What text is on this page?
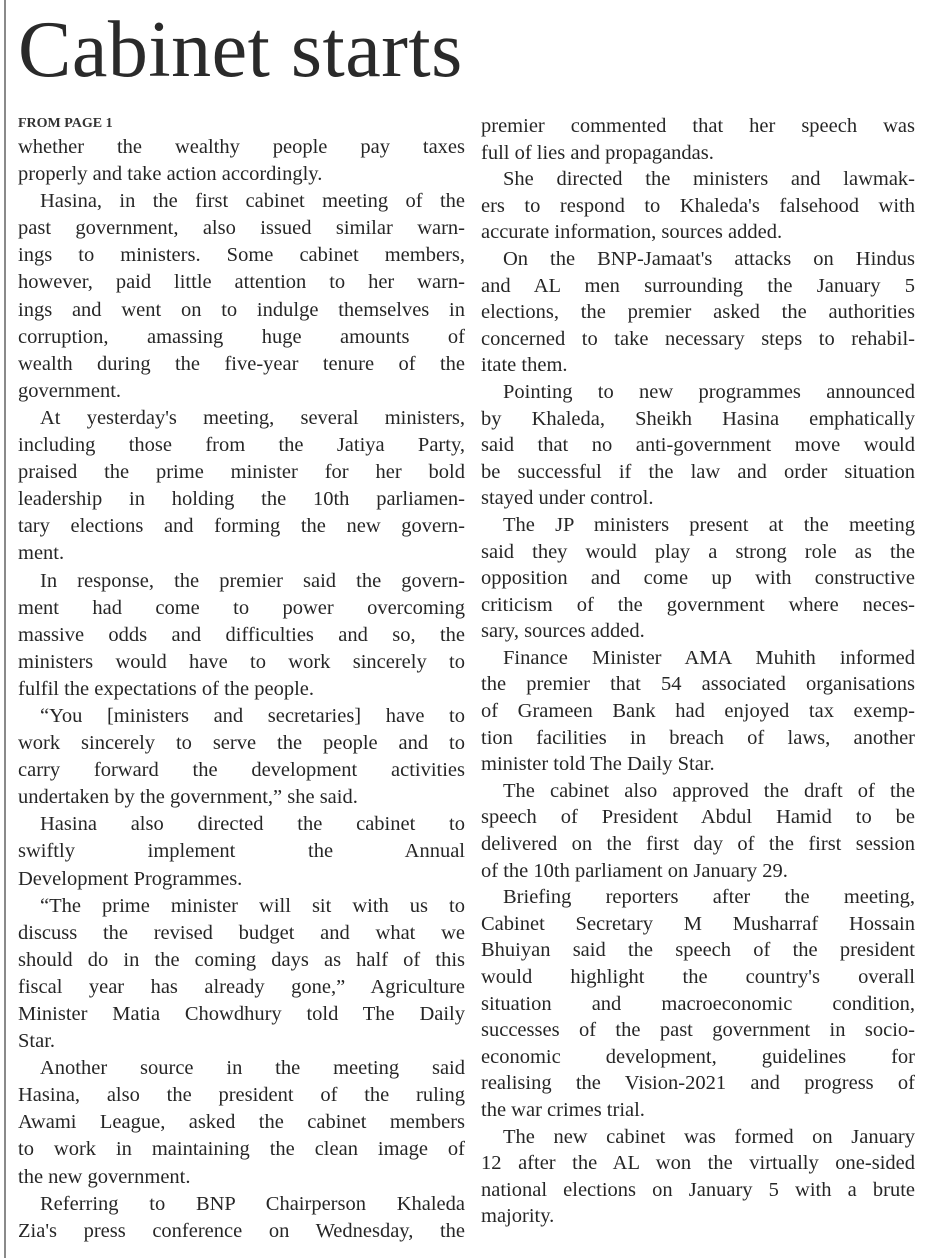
Cabinet starts
FROM PAGE 1
whether the wealthy people pay taxes
properly and take action accordingly.
Hasina, in the first cabinet meeting of the
past government, also issued similar warn-
ings to ministers. Some cabinet members,
however, paid little attention to her warn-
ings and went on to indulge themselves in
corruption, amassing huge amounts of
wealth during the five-year tenure of the
government.
At yesterday's meeting, several ministers,
including those from the Jatiya Party,
praised the prime minister for her bold
leadership in holding the 10th parliamen-
tary elections and forming the new govern-
ment.
In response, the premier said the govern-
ment had come to power overcoming
massive odds and difficulties and so, the
ministers would have to work sincerely to
fulfil the expectations of the people.
“You [ministers and secretaries] have to
work sincerely to serve the people and to
carry forward the development activities
undertaken by the government,” she said.
Hasina also directed the cabinet to
swiftly implement the Annual
Development Programmes.
“The prime minister will sit with us to
discuss the revised budget and what we
should do in the coming days as half of this
fiscal year has already gone,” Agriculture
Minister Matia Chowdhury told The Daily
Star.
Another source in the meeting said
Hasina, also the president of the ruling
Awami League, asked the cabinet members
to work in maintaining the clean image of
the new government.
Referring to BNP Chairperson Khaleda
Zia's press conference on Wednesday, the
premier commented that her speech was
full of lies and propagandas.
She directed the ministers and lawmak-
ers to respond to Khaleda's falsehood with
accurate information, sources added.
On the BNP-Jamaat's attacks on Hindus
and AL men surrounding the January 5
elections, the premier asked the authorities
concerned to take necessary steps to rehabil-
itate them.
Pointing to new programmes announced
by Khaleda, Sheikh Hasina emphatically
said that no anti-government move would
be successful if the law and order situation
stayed under control.
The JP ministers present at the meeting
said they would play a strong role as the
opposition and come up with constructive
criticism of the government where neces-
sary, sources added.
Finance Minister AMA Muhith informed
the premier that 54 associated organisations
of Grameen Bank had enjoyed tax exemp-
tion facilities in breach of laws, another
minister told The Daily Star.
The cabinet also approved the draft of the
speech of President Abdul Hamid to be
delivered on the first day of the first session
of the 10th parliament on January 29.
Briefing reporters after the meeting,
Cabinet Secretary M Musharraf Hossain
Bhuiyan said the speech of the president
would highlight the country's overall
situation and macroeconomic condition,
successes of the past government in socio-
economic development, guidelines for
realising the Vision-2021 and progress of
the war crimes trial.
The new cabinet was formed on January
12 after the AL won the virtually one-sided
national elections on January 5 with a brute
majority.
